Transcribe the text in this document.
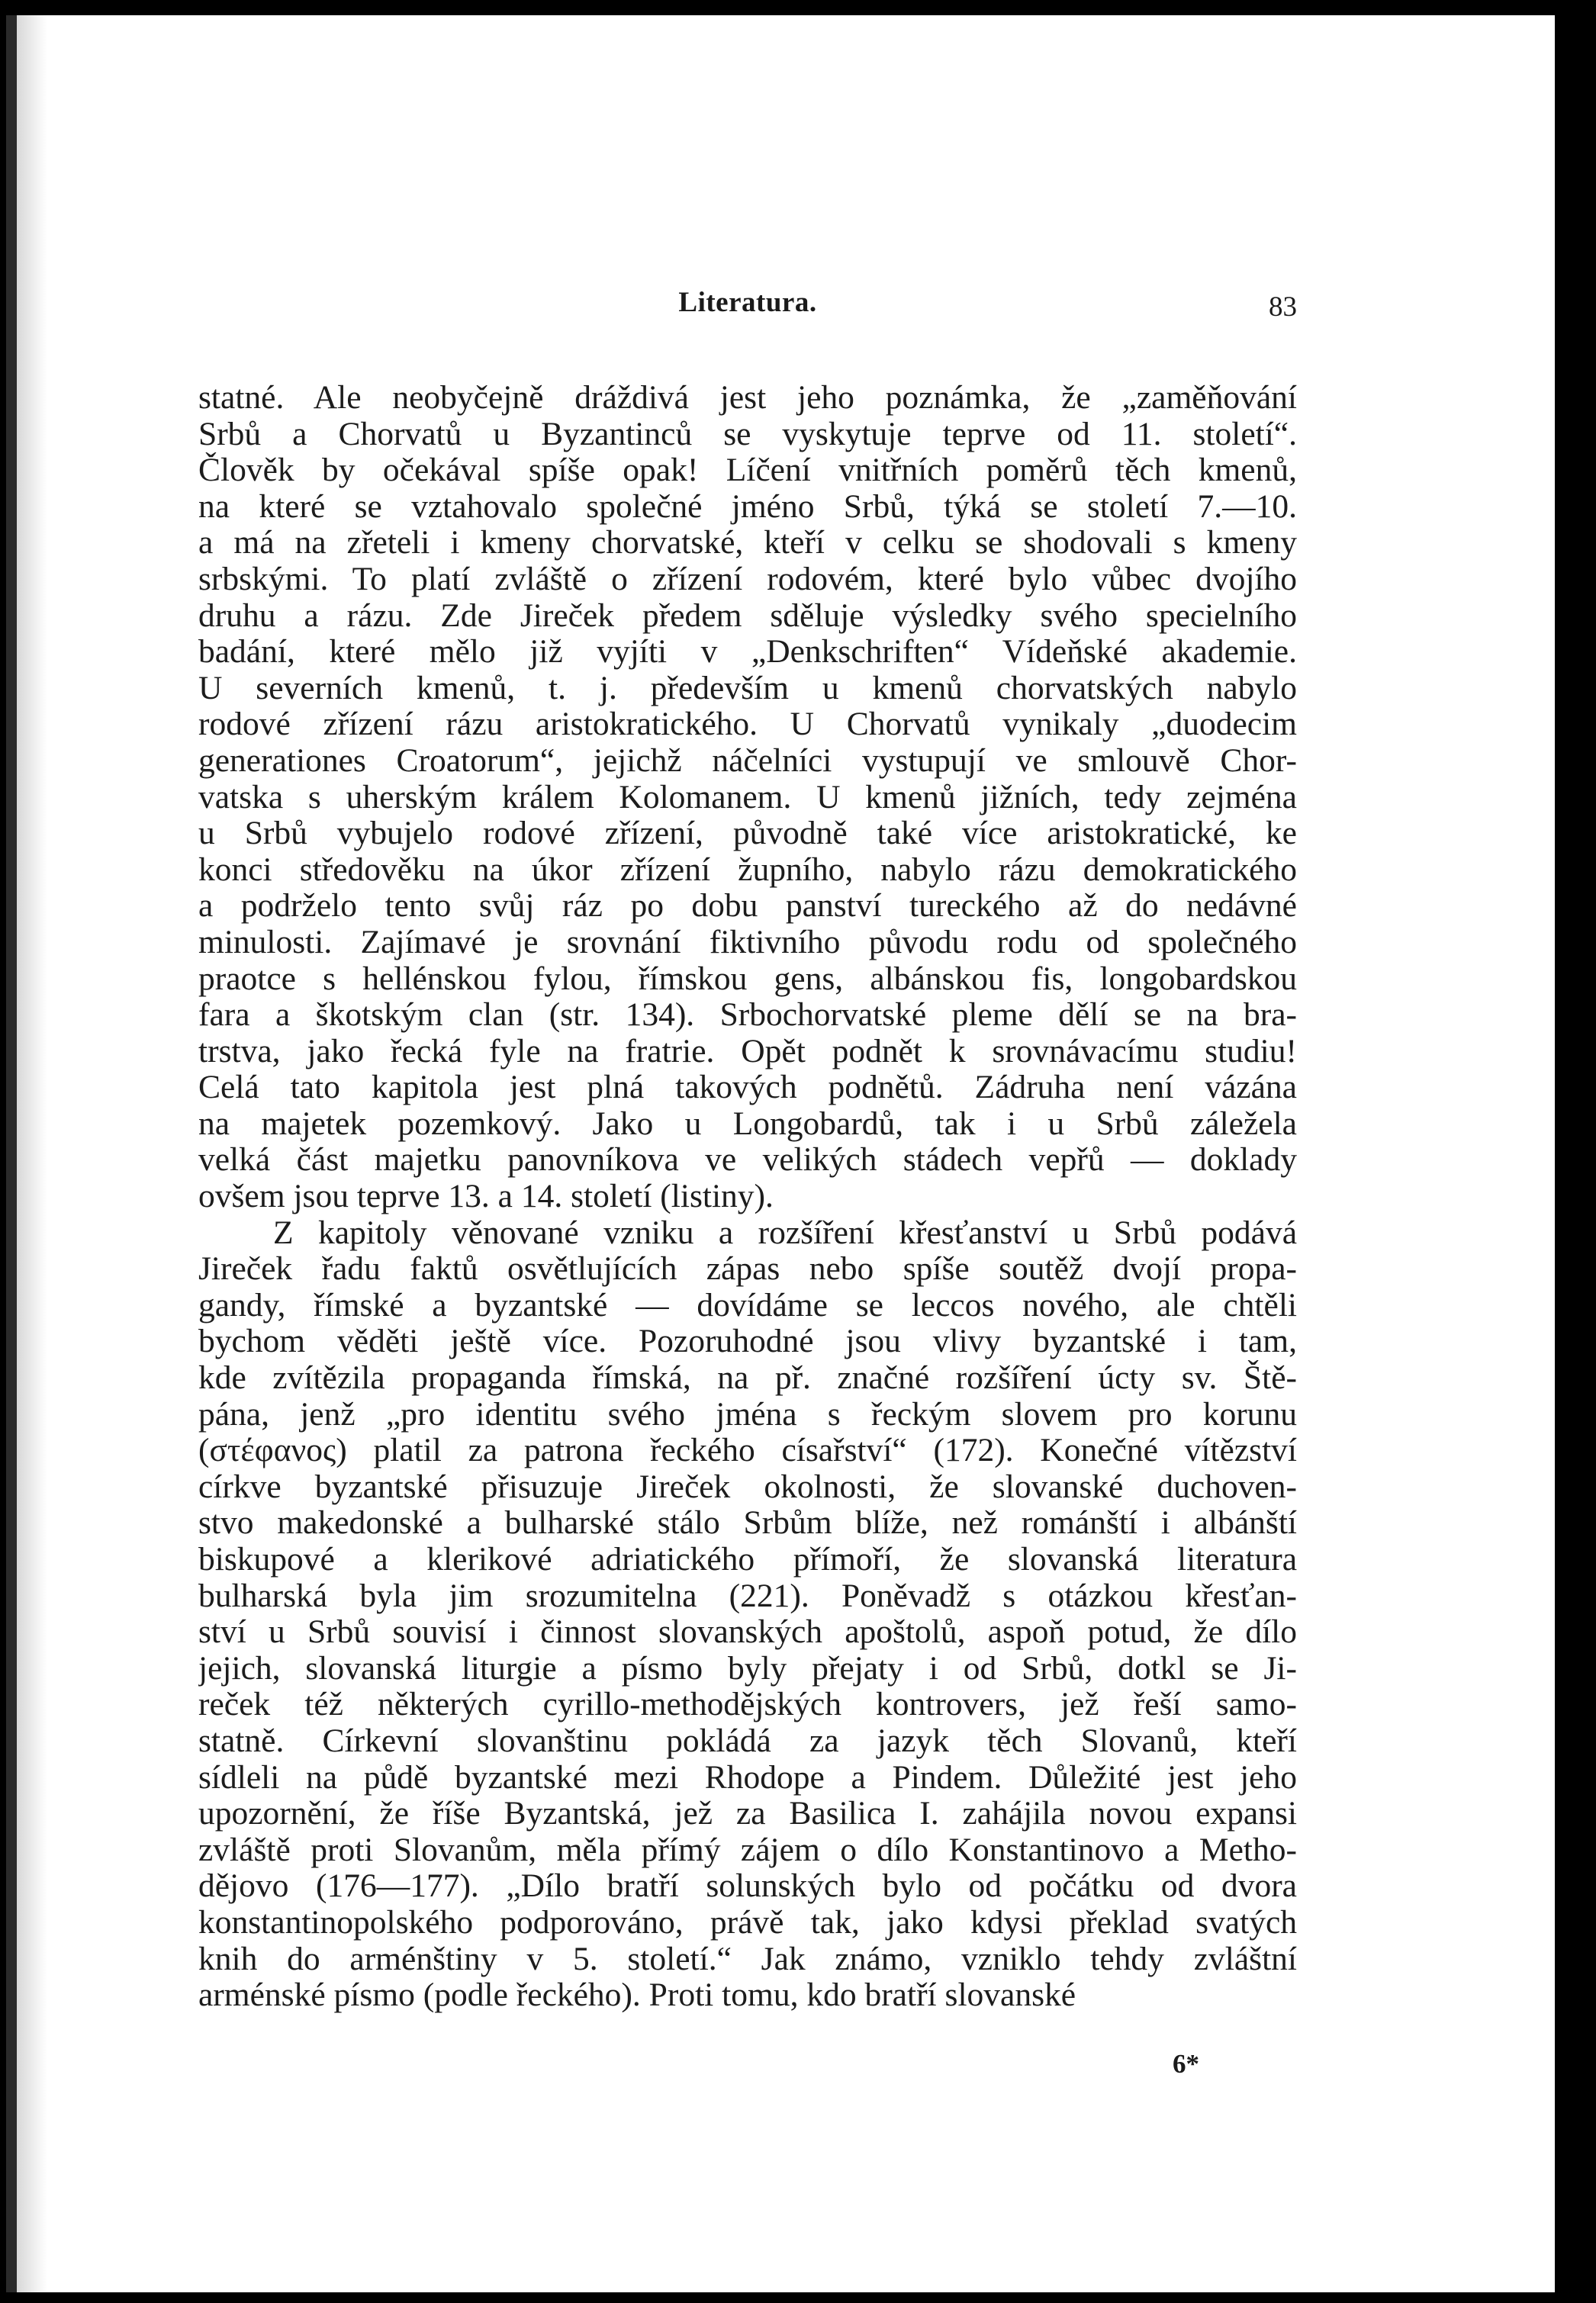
Literatura.	83
statné. Ale neobyčejně dráždivá jest jeho poznámka, že „zaměňování
Srbů a Chorvatů u Byzantinců se vyskytuje teprve od 11. století“.
Člověk by očekával spíše opak! Líčení vnitřních poměrů těch kmenů,
na které se vztahovalo společné jméno Srbů, týká se století 7.—10.
a má na zřeteli i kmeny chorvatské, kteří v celku se shodovali s kmeny
srbskými. To platí zvláště o zřízení rodovém, které bylo vůbec dvojího
druhu a rázu. Zde Jireček předem sděluje výsledky svého specielního
badání, které mělo již vyjíti v „Denkschriften“ Vídeňské akademie.
U severních kmenů, t. j. především u kmenů chorvatských nabylo
rodové zřízení rázu aristokratického. U Chorvatů vynikaly „duodecim
generationes Croatorum“, jejichž náčelníci vystupují ve smlouvě Chor-
vatska s uherským králem Kolomanem. U kmenů jižních, tedy zejména
u Srbů vybujelo rodové zřízení, původně také více aristokratické, ke
konci středověku na úkor zřízení župního, nabylo rázu demokratického
a podrželo tento svůj ráz po dobu panství tureckého až do nedávné
minulosti. Zajímavé je srovnání fiktivního původu rodu od společného
praotce s hellénskou fylou, římskou gens, albánskou fis, longobardskou
fara a škotským clan (str. 134). Srbochorvatské pleme dělí se na bra-
trstva, jako řecká fyle na fratrie. Opět podnět k srovnávacímu studiu!
Celá tato kapitola jest plná takových podnětů. Zádruha není vázána
na majetek pozemkový. Jako u Longobardů, tak i u Srbů záležela
velká část majetku panovníkova ve velikých stádech vepřů — doklady
ovšem jsou teprve 13. a 14. století (listiny).
Z kapitoly věnované vzniku a rozšíření křesťanství u Srbů podává
Jireček řadu faktů osvětlujících zápas nebo spíše soutěž dvojí propa-
gandy, římské a byzantské — dovídáme se leccos nového, ale chtěli
bychom věděti ještě více. Pozoruhodné jsou vlivy byzantské i tam,
kde zvítězila propaganda římská, na př. značné rozšíření úcty sv. Ště-
pána, jenž „pro identitu svého jména s řeckým slovem pro korunu
(στέφανος) platil za patrona řeckého císařství“ (172). Konečné vítězství
církve byzantské přisuzuje Jireček okolnosti, že slovanské duchoven-
stvo makedonské a bulharské stálo Srbům blíže, než románští i albánští
biskupové a klerikové adriatického přímoří, že slovanská literatura
bulharská byla jim srozumitelna (221). Poněvadž s otázkou křesťan-
ství u Srbů souvisí i činnost slovanských apoštolů, aspoň potud, že dílo
jejich, slovanská liturgie a písmo byly přejaty i od Srbů, dotkl se Ji-
reček též některých cyrillo-methodějských kontrovers, jež řeší samo-
statně. Církevní slovanštinu pokládá za jazyk těch Slovanů, kteří
sídleli na půdě byzantské mezi Rhodope a Pindem. Důležité jest jeho
upozornění, že říše Byzantská, jež za Basilica I. zahájila novou expansi
zvláště proti Slovanům, měla přímý zájem o dílo Konstantinovo a Metho-
dějovo (176—177). „Dílo bratří solunských bylo od počátku od dvora
konstantinopolského podporováno, právě tak, jako kdysi překlad svatých
knih do arménštiny v 5. století.“ Jak známo, vzniklo tehdy zvláštní
arménské písmo (podle řeckého). Proti tomu, kdo bratří slovanské
6*
